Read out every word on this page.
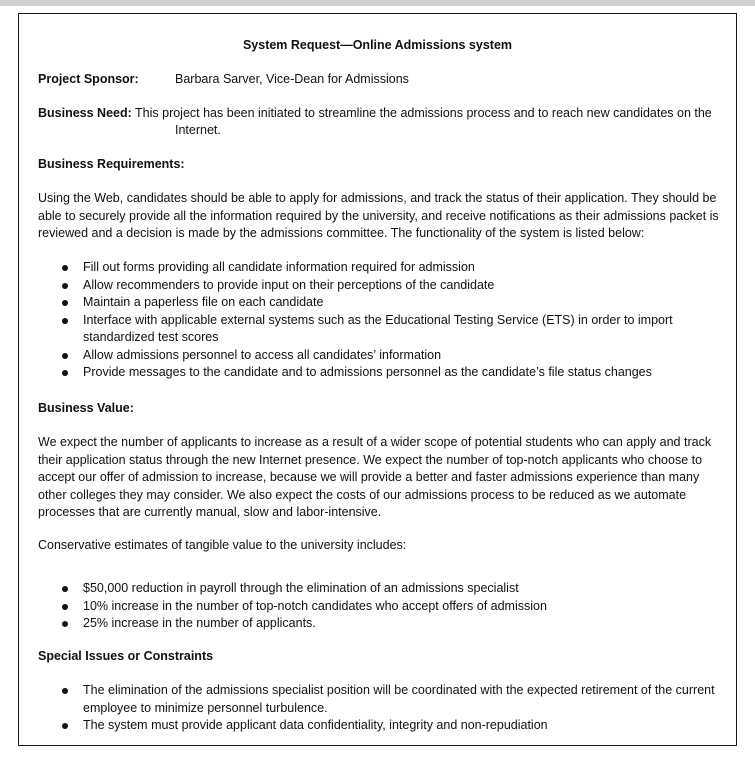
System Request—Online Admissions system
Project Sponsor:	Barbara Sarver, Vice-Dean for Admissions
Business Need: This project has been initiated to streamline the admissions process and to reach new candidates on the
Internet.
Business Requirements:

Using the Web, candidates should be able to apply for admissions, and track the status of their application. They should be able to securely provide all the information required by the university, and receive notifications as their admissions packet is reviewed and a decision is made by the admissions committee. The functionality of the system is listed below:

Fill out forms providing all candidate information required for admission
Allow recommenders to provide input on their perceptions of the candidate
Maintain a paperless file on each candidate
Interface with applicable external systems such as the Educational Testing Service (ETS) in order to import standardized test scores
Allow admissions personnel to access all candidates’ information
Provide messages to the candidate and to admissions personnel as the candidate’s file status changes
Business Value:

We expect the number of applicants to increase as a result of a wider scope of potential students who can apply and track their application status through the new Internet presence. We expect the number of top-notch applicants who choose to accept our offer of admission to increase, because we will provide a better and faster admissions experience than many other colleges they may consider. We also expect the costs of our admissions process to be reduced as we automate processes that are currently manual, slow and labor-intensive.

Conservative estimates of tangible value to the university includes:
$50,000 reduction in payroll through the elimination of an admissions specialist
10% increase in the number of top-notch candidates who accept offers of admission
25% increase in the number of applicants.
Special Issues or Constraints
The elimination of the admissions specialist position will be coordinated with the expected retirement of the current employee to minimize personnel turbulence.
The system must provide applicant data confidentiality, integrity and non-repudiation
